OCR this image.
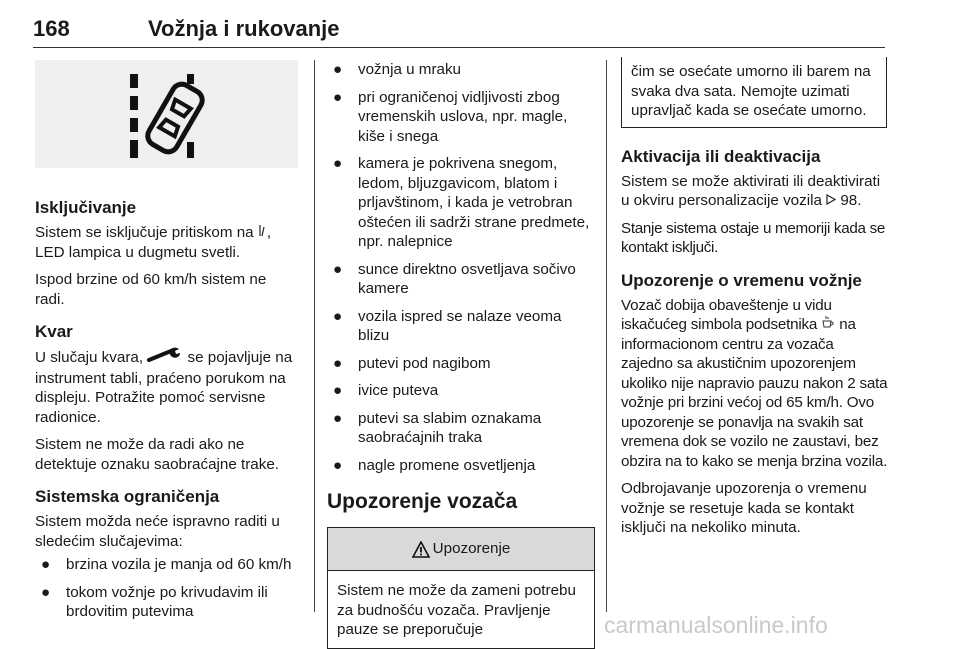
168	Vožnja i rukovanje
Isključivanje

Sistem se isključuje pritiskom na , LED lampica u dugmetu svetli.

Ispod brzine od 60 km/h sistem ne radi.

Kvar

U slučaju kvara,  se pojavljuje na instrument tabli, praćeno porukom na displeju. Potražite pomoć servisne radionice.

Sistem ne može da radi ako ne detektuje oznaku saobraćajne trake.

Sistemska ograničenja

Sistem možda neće ispravno raditi u sledećim slučajevima:

● brzina vozila je manja od 60 km/h
● tokom vožnje po krivudavim ili brdovitim putevima
● vožnja u mraku
● pri ograničenoj vidljivosti zbog vremenskih uslova, npr. magle, kiše i snega
● kamera je pokrivena snegom, ledom, bljuzgavicom, blatom i prljavštinom, i kada je vetrobran oštećen ili sadrži strane predmete, npr. nalepnice
● sunce direktno osvetljava sočivo kamere
● vozila ispred se nalaze veoma blizu
● putevi pod nagibom
● ivice puteva
● putevi sa slabim oznakama saobraćajnih traka
● nagle promene osvetljenja
Upozorenje vozača
Upozorenje
Sistem ne može da zameni potrebu za budnošću vozača. Pravljenje pauze se preporučuje
čim se osećate umorno ili barem na svaka dva sata. Nemojte uzimati upravljač kada se osećate umorno.
Aktivacija ili deaktivacija

Sistem se može aktivirati ili deaktivirati u okviru personalizacije vozila  98.

Stanje sistema ostaje u memoriji kada se kontakt isključi.

Upozorenje o vremenu vožnje

Vozač dobija obaveštenje u vidu iskačućeg simbola podsetnika  na informacionom centru za vozača zajedno sa akustičnim upozorenjem ukoliko nije napravio pauzu nakon 2 sata vožnje pri brzini većoj od 65 km/h. Ovo upozorenje se ponavlja na svakih sat vremena dok se vozilo ne zaustavi, bez obzira na to kako se menja brzina vozila.

Odbrojavanje upozorenja o vremenu vožnje se resetuje kada se kontakt isključi na nekoliko minuta.

carmanualsonline.info
